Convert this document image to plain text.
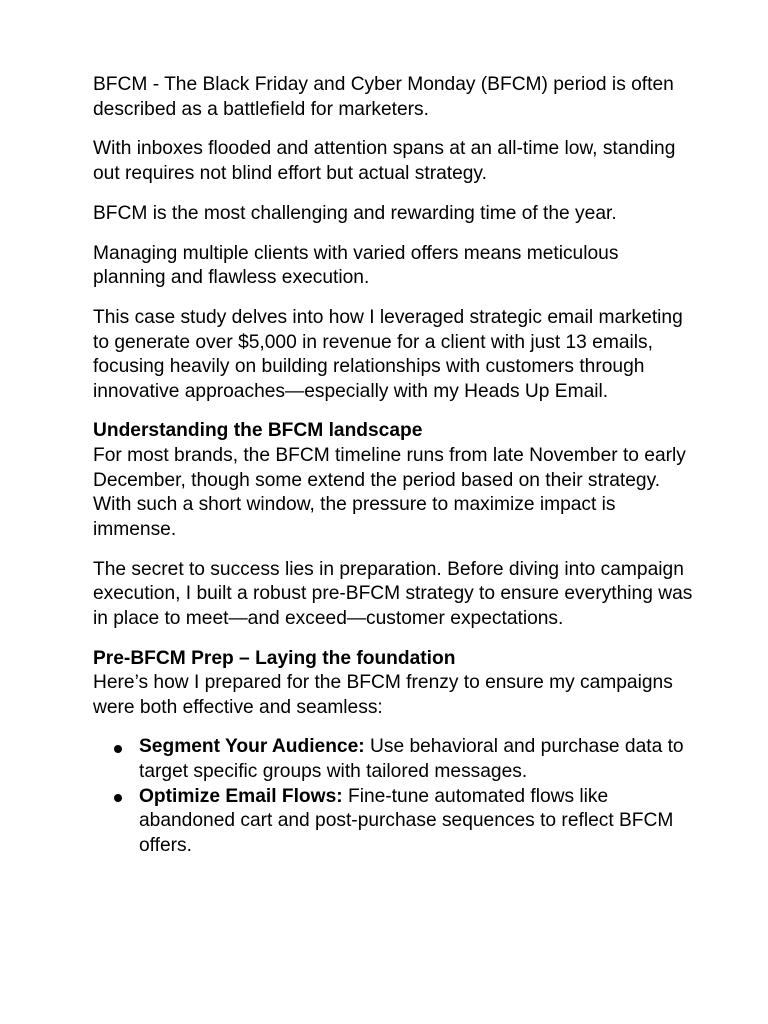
BFCM - The Black Friday and Cyber Monday (BFCM) period is often described as a battlefield for marketers.

With inboxes flooded and attention spans at an all-time low, standing out requires not blind effort but actual strategy.

BFCM is the most challenging and rewarding time of the year.

Managing multiple clients with varied offers means meticulous planning and flawless execution.

This case study delves into how I leveraged strategic email marketing to generate over $5,000 in revenue for a client with just 13 emails, focusing heavily on building relationships with customers through innovative approaches—especially with my Heads Up Email.

Understanding the BFCM landscape
For most brands, the BFCM timeline runs from late November to early December, though some extend the period based on their strategy. With such a short window, the pressure to maximize impact is immense.

The secret to success lies in preparation. Before diving into campaign execution, I built a robust pre-BFCM strategy to ensure everything was in place to meet—and exceed—customer expectations.

Pre-BFCM Prep – Laying the foundation
Here’s how I prepared for the BFCM frenzy to ensure my campaigns were both effective and seamless:
Segment Your Audience: Use behavioral and purchase data to target specific groups with tailored messages.
Optimize Email Flows: Fine-tune automated flows like abandoned cart and post-purchase sequences to reflect BFCM offers.
